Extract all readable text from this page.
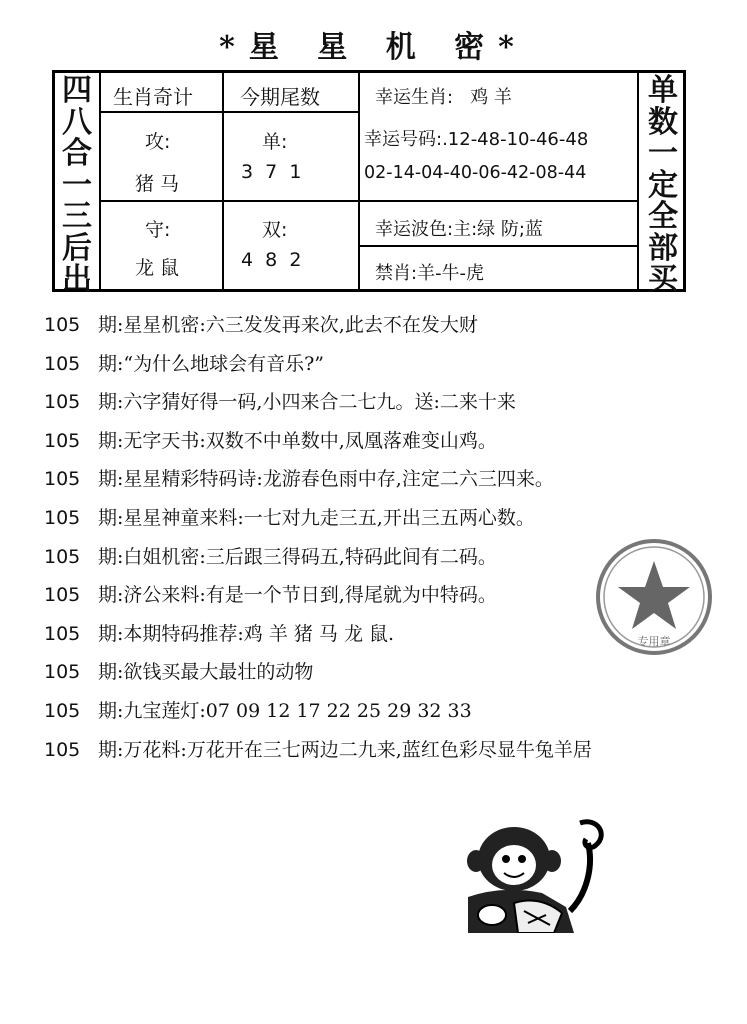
*星 星 机 密*
四
八
合
一
三
后
出
单
数
一
定
全
部
买
生肖奇计 今期尾数
攻:
猪 马
单:
3  7  1
守:
龙 鼠
双:
4  8  2
幸运生肖:   鸡 羊
幸运号码:.12-48-10-46-48
02-14-04-40-06-42-08-44
幸运波色:主:绿 防;蓝
禁肖:羊-牛-虎
105 期:星星机密:六三发发再来次,此去不在发大财
105 期:“为什么地球会有音乐?”
105 期:六字猜好得一码,小四来合二七九。送:二来十来
105 期:无字天书:双数不中单数中,凤凰落难变山鸡。
105 期:星星精彩特码诗:龙游春色雨中存,注定二六三四来。
105 期:星星神童来料:一七对九走三五,开出三五两心数。
105 期:白姐机密:三后跟三得码五,特码此间有二码。
105 期:济公来料:有是一个节日到,得尾就为中特码。
105 期:本期特码推荐:鸡 羊 猪 马 龙 鼠.
105 期:欲钱买最大最壮的动物
105 期:九宝莲灯:07 09 12 17 22 25 29 32 33
105 期:万花料:万花开在三七两边二九来,蓝红色彩尽显牛兔羊居
专用章
